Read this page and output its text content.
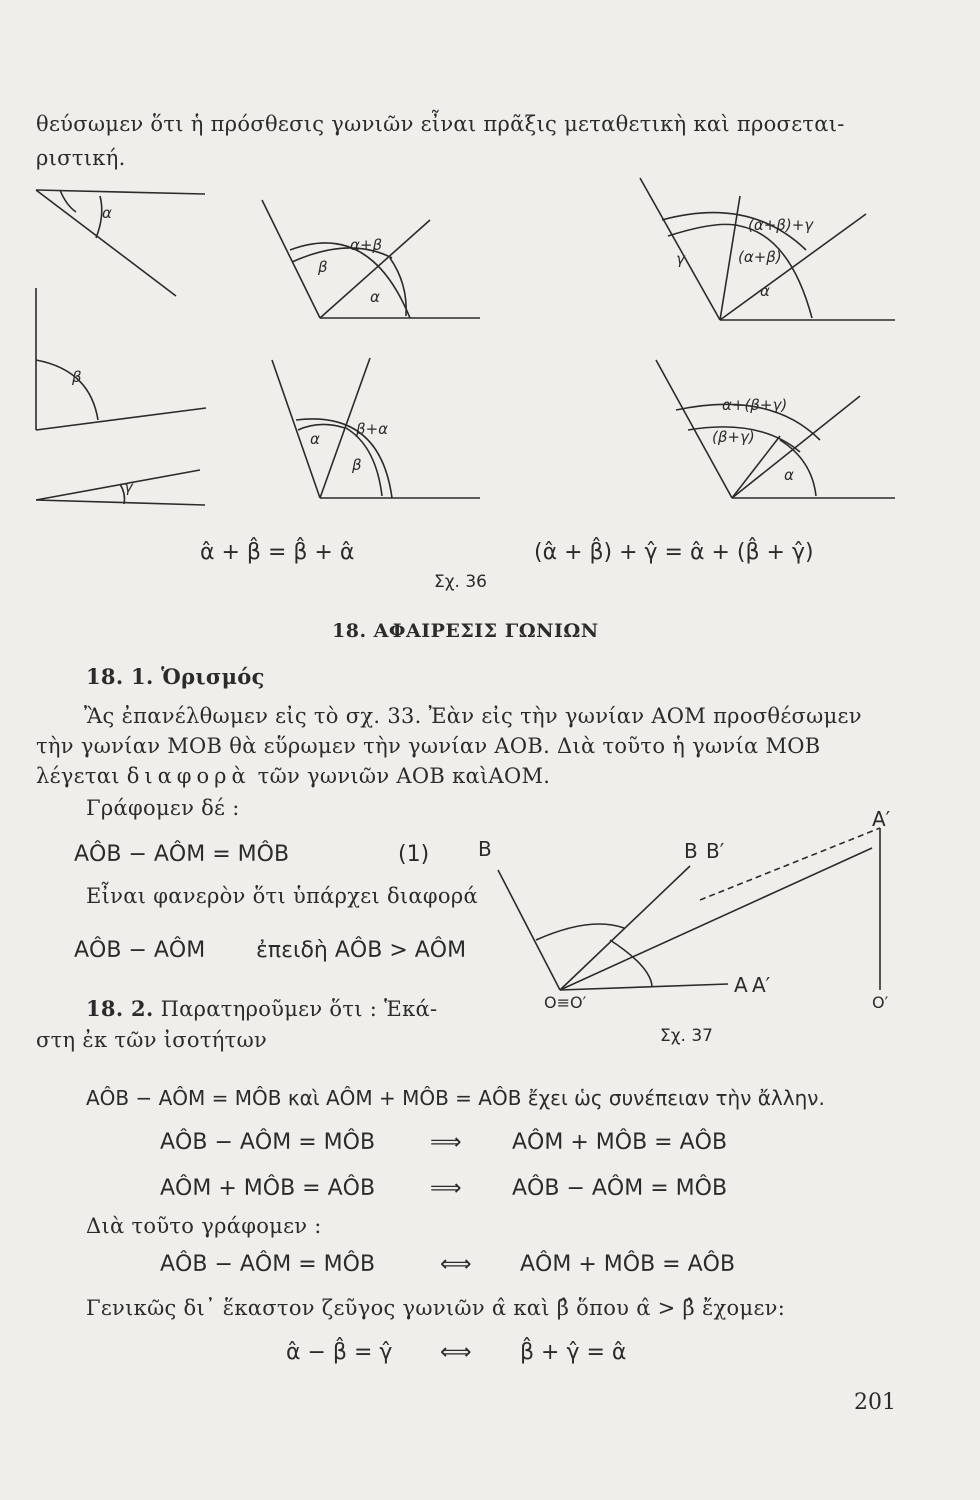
θεύσωμεν ὅτι ἡ πρόσθεσις γωνιῶν εἶναι πρᾶξις μεταθετικὴ καὶ προσεται-
ριστική.
α
β
γ
α+β
β
α
α
β+α
β
(α+β)+γ
(α+β)
γ
α
α+(β+γ)
(β+γ)
α
α̂ + β̂ = β̂ + α̂	(α̂ + β̂) + γ̂ = α̂ + (β̂ + γ̂)
Σχ. 36
18. ΑΦΑΙΡΕΣΙΣ ΓΩΝΙΩΝ
18. 1. Ὁρισμός
Ἂς ἐπανέλθωμεν εἰς τὸ σχ. 33. Ἐὰν εἰς τὴν γωνίαν ΑΟΜ προσθέσωμεν
τὴν γωνίαν ΜΟΒ θὰ εὕρωμεν τὴν γωνίαν ΑΟΒ. Διὰ τοῦτο ἡ γωνία ΜΟΒ
λέγεται διαφορὰ τῶν γωνιῶν ΑΟΒ καὶΑΟΜ.
Γράφομεν δέ :
ΑÔΒ − ΑÔΜ = ΜÔΒ	(1)
Εἶναι φανερὸν ὅτι ὑπάρχει διαφορά
ΑÔΒ − ΑÔΜ ἐπειδὴ ΑÔΒ > ΑÔΜ
18. 2. Παρατηροῦμεν ὅτι : Ἑκά-
στη ἐκ τῶν ἰσοτήτων
Β	Β Β′
Α′
Α Α′
Ο≡Ο′	Ο′
Σχ. 37
ΑÔΒ − ΑÔΜ = ΜÔΒ καὶ ΑÔΜ + ΜÔΒ = ΑÔΒ ἔχει ὡς συνέπειαν τὴν ἄλλην.
ΑÔΒ − ΑÔΜ = ΜÔΒ ⟹ ΑÔΜ + ΜÔΒ = ΑÔΒ
ΑÔΜ + ΜÔΒ = ΑÔΒ ⟹ ΑÔΒ − ΑÔΜ = ΜÔΒ
Διὰ τοῦτο γράφομεν :
ΑÔΒ − ΑÔΜ = ΜÔΒ	⟺ ΑÔΜ + ΜÔΒ = ΑÔΒ
Γενικῶς δι᾽ ἕκαστον ζεῦγος γωνιῶν α̂ καὶ β̂ ὅπου α̂ > β̂ ἔχομεν:
α̂ − β̂ = γ̂ ⟺ β̂ + γ̂ = α̂
201
